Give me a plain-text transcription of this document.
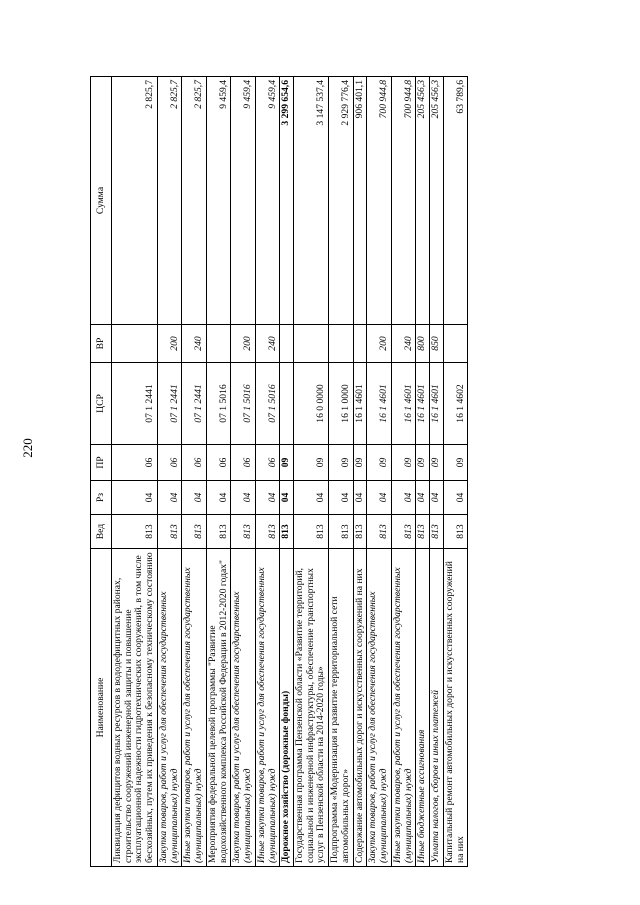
220
Наименование	Вед	Рз	ПР	ЦСР	ВР	Сумма
Ликвидация дефицитов водных ресурсов в вододефицитных районах, строительство сооружений инженерной защиты и повышение эксплуатационной надежности гидротехнических сооружений, в том числе бесхозяйных, путем их приведения к безопасному техническому состоянию	813	04	06	07 1 2441		2 825,7
Закупка товаров, работ и услуг для обеспечения государственных (муниципальных) нужд	813	04	06	07 1 2441	200	2 825,7
Иные закупки товаров, работ и услуг для обеспечения государственных (муниципальных) нужд	813	04	06	07 1 2441	240	2 825,7
Мероприятия федеральной целевой программы "Развитие водохозяйственного комплекса Российской Федерации в 2012-2020 годах"	813	04	06	07 1 5016		9 459,4
Закупка товаров, работ и услуг для обеспечения государственных (муниципальных) нужд	813	04	06	07 1 5016	200	9 459,4
Иные закупки товаров, работ и услуг для обеспечения государственных (муниципальных) нужд	813	04	06	07 1 5016	240	9 459,4
Дорожное хозяйство (дорожные фонды)	813	04	09			3 299 654,6
Государственная программа Пензенской области «Развитие территорий, социальной и инженерной инфраструктуры, обеспечение транспортных услуг в Пензенской области на 2014-2020 годы»	813	04	09	16 0 0000		3 147 537,4
Подпрограмма «Модернизация и развитие территориальной сети автомобильных дорог»	813	04	09	16 1 0000		2 929 776,4
Содержание автомобильных дорог и искусственных сооружений на них	813	04	09	16 1 4601		906 401,1
Закупка товаров, работ и услуг для обеспечения государственных (муниципальных) нужд	813	04	09	16 1 4601	200	700 944,8
Иные закупки товаров, работ и услуг для обеспечения государственных (муниципальных) нужд	813	04	09	16 1 4601	240	700 944,8
Иные бюджетные ассигнования	813	04	09	16 1 4601	800	205 456,3
Уплата налогов, сборов и иных платежей	813	04	09	16 1 4601	850	205 456,3
Капитальный ремонт автомобильных дорог и искусственных сооружений на них	813	04	09	16 1 4602		63 789,6
